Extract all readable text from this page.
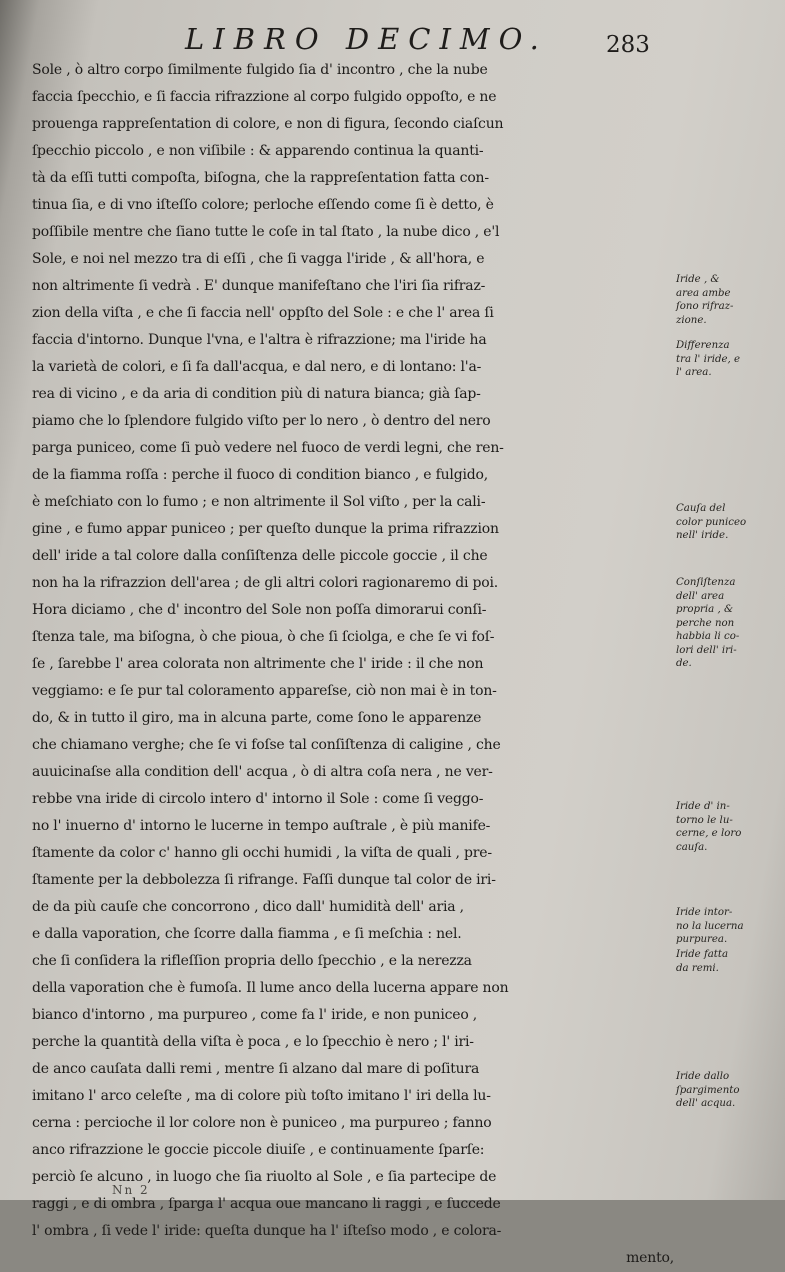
LIBRO DECIMO.	283
Sole , ò altro corpo ſimilmente fulgido ſia d' incontro , che la nube
faccia ſpecchio, e ſi faccia rifrazzione al corpo fulgido oppoſto, e ne
prouenga rappreſentation di colore, e non di figura, ſecondo ciaſcun
ſpecchio piccolo , e non viſibile : & apparendo continua la quanti-
tà da eſſi tutti compoſta, biſogna, che la rappreſentation fatta con-
tinua ſia, e di vno iſteſſo colore; perloche eſſendo come ſi è detto, è
poſſibile mentre che ſiano tutte le coſe in tal ſtato , la nube dico , e'l
Sole, e noi nel mezzo tra di eſſi , che ſi vagga l'iride , & all'hora, e
non altrimente ſi vedrà . E' dunque manifeſtano che l'iri ſia rifraz-
zion della viſta , e che ſi faccia nell' oppſto del Sole : e che l' area ſi
faccia d'intorno. Dunque l'vna, e l'altra è rifrazzione; ma l'iride ha
la varietà de colori, e ſi fa dall'acqua, e dal nero, e di lontano: l'a-
rea di vicino , e da aria di condition più di natura bianca; già ſap-
piamo che lo ſplendore fulgido viſto per lo nero , ò dentro del nero
parga puniceo, come ſi può vedere nel fuoco de verdi legni, che ren-
de la fiamma roſſa : perche il fuoco di condition bianco , e fulgido,
è meſchiato con lo fumo ; e non altrimente il Sol viſto , per la cali-
gine , e fumo appar puniceo ; per queſto dunque la prima rifrazzion
dell' iride a tal colore dalla conſiſtenza delle piccole goccie , il che
non ha la rifrazzion dell'area ; de gli altri colori ragionaremo di poi.
Hora diciamo , che d' incontro del Sole non poſſa dimorarui conſi-
ſtenza tale, ma biſogna, ò che pioua, ò che ſi ſciolga, e che ſe vi foſ-
ſe , ſarebbe l' area colorata non altrimente che l' iride : il che non
veggiamo: e ſe pur tal coloramento appareſse, ciò non mai è in ton-
do, & in tutto il giro, ma in alcuna parte, come ſono le apparenze
che chiamano verghe; che ſe vi foſse tal conſiſtenza di caligine , che
auuicinaſse alla condition dell' acqua , ò di altra coſa nera , ne ver-
rebbe vna iride di circolo intero d' intorno il Sole : come ſi veggo-
no l' inuerno d' intorno le lucerne in tempo auſtrale , è più manife-
ſtamente da color c' hanno gli occhi humidi , la viſta de quali , pre-
ſtamente per la debbolezza ſi rifrange. Faſſi dunque tal color de iri-
de da più cauſe che concorrono , dico dall' humidità dell' aria ,
e dalla vaporation, che ſcorre dalla fiamma , e ſi meſchia : nel.
che ſi conſidera la rifleſſion propria dello ſpecchio , e la nerezza
della vaporation che è fumoſa. Il lume anco della lucerna appare non
bianco d'intorno , ma purpureo , come fa l' iride, e non puniceo ,
perche la quantità della viſta è poca , e lo ſpecchio è nero ; l' iri-
de anco cauſata dalli remi , mentre ſi alzano dal mare di poſitura
imitano l' arco celeſte , ma di colore più toſto imitano l' iri della lu-
cerna : percioche il lor colore non è puniceo , ma purpureo ; fanno
anco rifrazzione le goccie piccole diuiſe , e continuamente ſparſe:
perciò ſe alcuno , in luogo che ſia riuolto al Sole , e ſia partecipe de
raggi , e di ombra , ſparga l' acqua oue mancano li raggi , e ſuccede
l' ombra , ſi vede l' iride: queſta dunque ha l' iſteſso modo , e colora-
mento,
Iride , &
area ambe
ſono rifraz-
zione.
Differenza
tra l' iride, e
l' area.
Cauſa del
color puniceo
nell' iride.
Conſiſtenza
dell' area
propria , &
perche non
habbia li co-
lori dell' iri-
de.
Iride d' in-
torno le lu-
cerne, e loro
cauſa.
Iride intor-
no la lucerna
purpurea.
Iride fatta
da remi.
Iride dallo
ſpargimento
dell' acqua.
Nn 2
